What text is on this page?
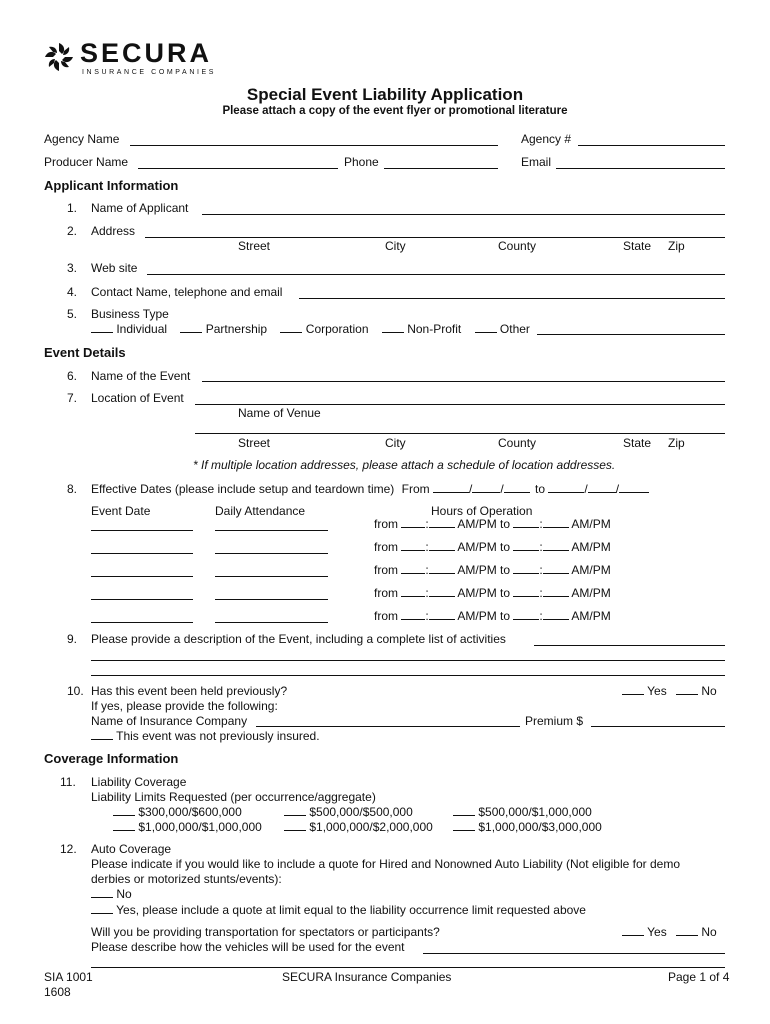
SECURA
INSURANCE COMPANIES
Special Event Liability Application
Please attach a copy of the event flyer or promotional literature
Agency Name	Agency #
Producer Name	Phone	Email
Applicant Information
1. Name of Applicant
2. Address
Street	City	County	State Zip
3. Web site
4. Contact Name, telephone and email
5. Business Type
Individual	Partnership	Corporation	Non-Profit	Other
Event Details
6. Name of the Event
7. Location of Event
Name of Venue
Street	City	County	State Zip
* If multiple location addresses, please attach a schedule of location addresses.
8. Effective Dates (please include setup and teardown time) From	/ /	to	/ /
Event Date	Daily Attendance	Hours of Operation
from : AM/PM to : AM/PM
from : AM/PM to : AM/PM
from : AM/PM to : AM/PM
from : AM/PM to : AM/PM
from : AM/PM to : AM/PM
9. Please provide a description of the Event, including a complete list of activities
10. Has this event been held previously?	Yes	No
If yes, please provide the following:
Name of Insurance Company	Premium $
This event was not previously insured.
Coverage Information
11. Liability Coverage
Liability Limits Requested (per occurrence/aggregate)
$300,000/$600,000	$500,000/$500,000	$500,000/$1,000,000
$1,000,000/$1,000,000	$1,000,000/$2,000,000	$1,000,000/$3,000,000
12. Auto Coverage
Please indicate if you would like to include a quote for Hired and Nonowned Auto Liability (Not eligible for demo
derbies or motorized stunts/events):
No
Yes, please include a quote at limit equal to the liability occurrence limit requested above
Will you be providing transportation for spectators or participants?	Yes	No
Please describe how the vehicles will be used for the event
SIA 1001
1608
SECURA Insurance Companies	Page 1 of 4
